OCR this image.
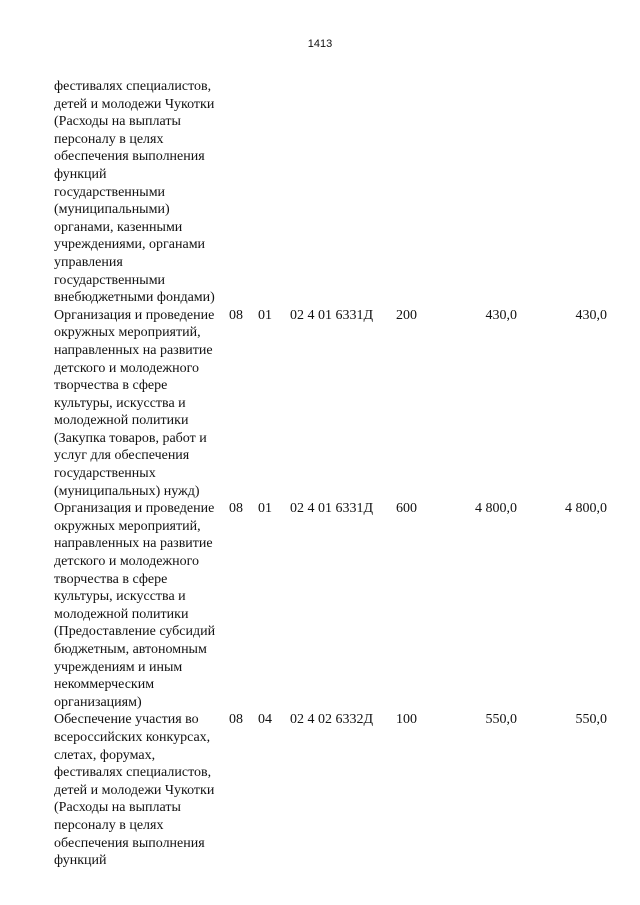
1413
фестивалях специалистов,
детей и молодежи Чукотки
(Расходы на выплаты
персоналу в целях
обеспечения выполнения
функций
государственными
(муниципальными)
органами, казенными
учреждениями, органами
управления
государственными
внебюджетными фондами)
Организация и проведение
окружных мероприятий,
направленных на развитие
детского и молодежного
творчества в сфере
культуры, искусства и
молодежной политики
(Закупка товаров, работ и
услуг для обеспечения
государственных
(муниципальных) нужд)
08 01 02 4 01 6331Д 200	430,0	430,0
Организация и проведение
окружных мероприятий,
направленных на развитие
детского и молодежного
творчества в сфере
культуры, искусства и
молодежной политики
(Предоставление субсидий
бюджетным, автономным
учреждениям и иным
некоммерческим
организациям)
08 01 02 4 01 6331Д 600	4 800,0	4 800,0
Обеспечение участия во
всероссийских конкурсах,
слетах, форумах,
фестивалях специалистов,
детей и молодежи Чукотки
(Расходы на выплаты
персоналу в целях
обеспечения выполнения
функций
08 04 02 4 02 6332Д 100	550,0	550,0
